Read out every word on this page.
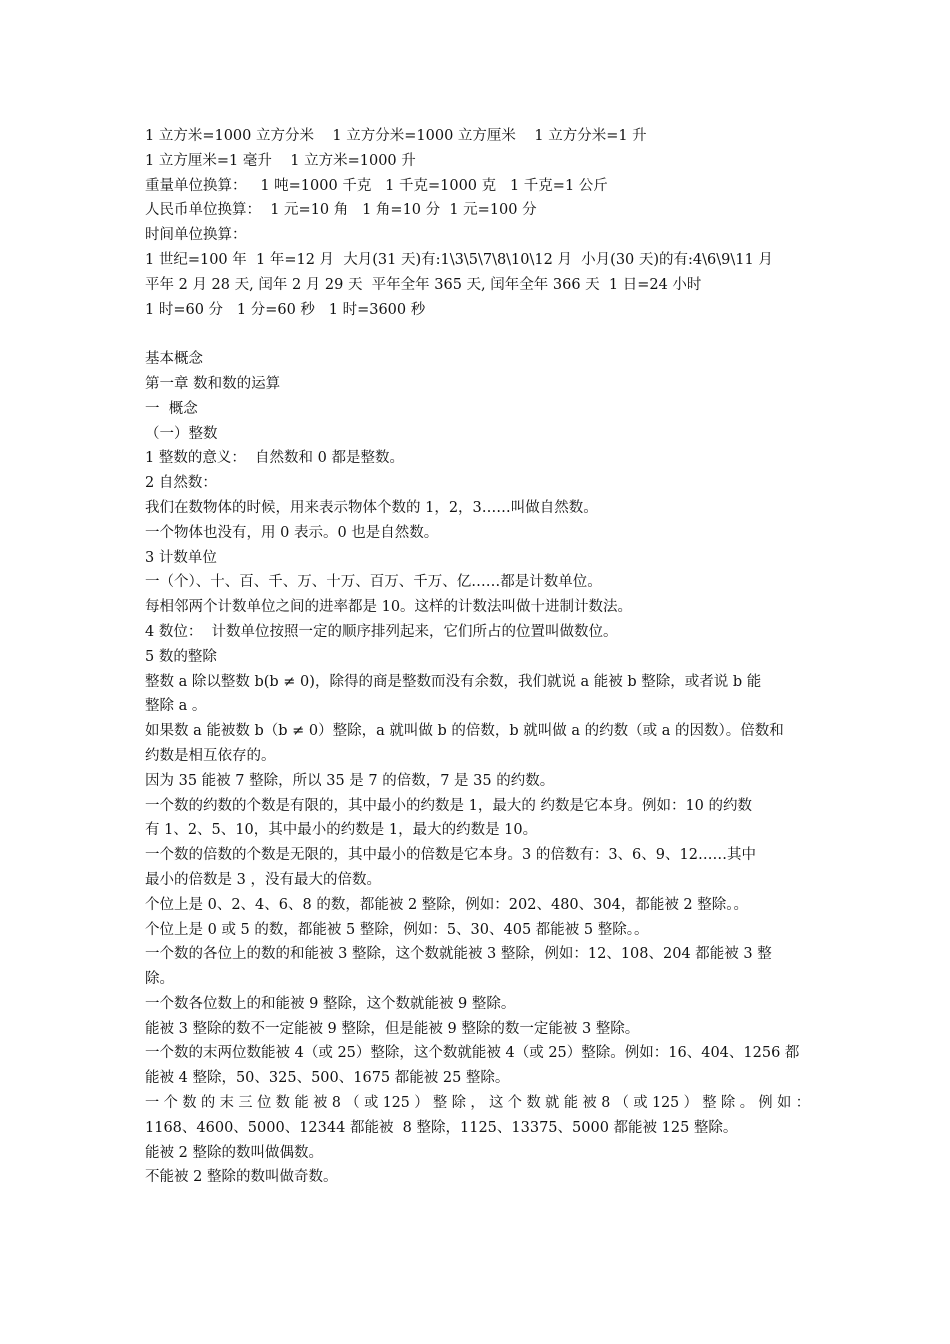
1 立方米=1000 立方分米    1 立方分米=1000 立方厘米    1 立方分米=1 升
1 立方厘米=1 毫升    1 立方米=1000 升
重量单位换算：   1 吨=1000 千克   1 千克=1000 克   1 千克=1 公斤
人民币单位换算：  1 元=10 角   1 角=10 分  1 元=100 分
时间单位换算：
1 世纪=100 年  1 年=12 月  大月(31 天)有:1\3\5\7\8\10\12 月  小月(30 天)的有:4\6\9\11 月
平年 2 月 28 天, 闰年 2 月 29 天  平年全年 365 天, 闰年全年 366 天  1 日=24 小时
1 时=60 分   1 分=60 秒   1 时=3600 秒
基本概念
第一章 数和数的运算
一  概念
（一）整数
1 整数的意义：  自然数和 0 都是整数。
2 自然数：
我们在数物体的时候，用来表示物体个数的 1，2，3……叫做自然数。
一个物体也没有，用 0 表示。0 也是自然数。
3 计数单位
一（个）、十、百、千、万、十万、百万、千万、亿……都是计数单位。
每相邻两个计数单位之间的进率都是 10。这样的计数法叫做十进制计数法。
4 数位：  计数单位按照一定的顺序排列起来，它们所占的位置叫做数位。
5 数的整除
整数 a 除以整数 b(b ≠ 0)，除得的商是整数而没有余数，我们就说 a 能被 b 整除，或者说 b 能
整除 a 。
如果数 a 能被数 b（b ≠ 0）整除，a 就叫做 b 的倍数，b 就叫做 a 的约数（或 a 的因数）。倍数和
约数是相互依存的。
因为 35 能被 7 整除，所以 35 是 7 的倍数，7 是 35 的约数。
一个数的约数的个数是有限的，其中最小的约数是 1，最大的 约数是它本身。例如：10 的约数
有 1、2、5、10，其中最小的约数是 1，最大的约数是 10。
一个数的倍数的个数是无限的，其中最小的倍数是它本身。3 的倍数有：3、6、9、12……其中
最小的倍数是 3 ，没有最大的倍数。
个位上是 0、2、4、6、8 的数，都能被 2 整除，例如：202、480、304，都能被 2 整除。。
个位上是 0 或 5 的数，都能被 5 整除，例如：5、30、405 都能被 5 整除。。
一个数的各位上的数的和能被 3 整除，这个数就能被 3 整除，例如：12、108、204 都能被 3 整
除。
一个数各位数上的和能被 9 整除，这个数就能被 9 整除。
能被 3 整除的数不一定能被 9 整除，但是能被 9 整除的数一定能被 3 整除。
一个数的末两位数能被 4（或 25）整除，这个数就能被 4（或 25）整除。例如：16、404、1256 都
能被 4 整除，50、325、500、1675 都能被 25 整除。
一 个 数 的 末 三 位 数 能 被 8 （ 或 125 ） 整 除 ， 这 个 数 就 能 被 8 （ 或 125 ） 整 除 。 例 如 ：
1168、4600、5000、12344 都能被  8 整除，1125、13375、5000 都能被 125 整除。
能被 2 整除的数叫做偶数。
不能被 2 整除的数叫做奇数。
